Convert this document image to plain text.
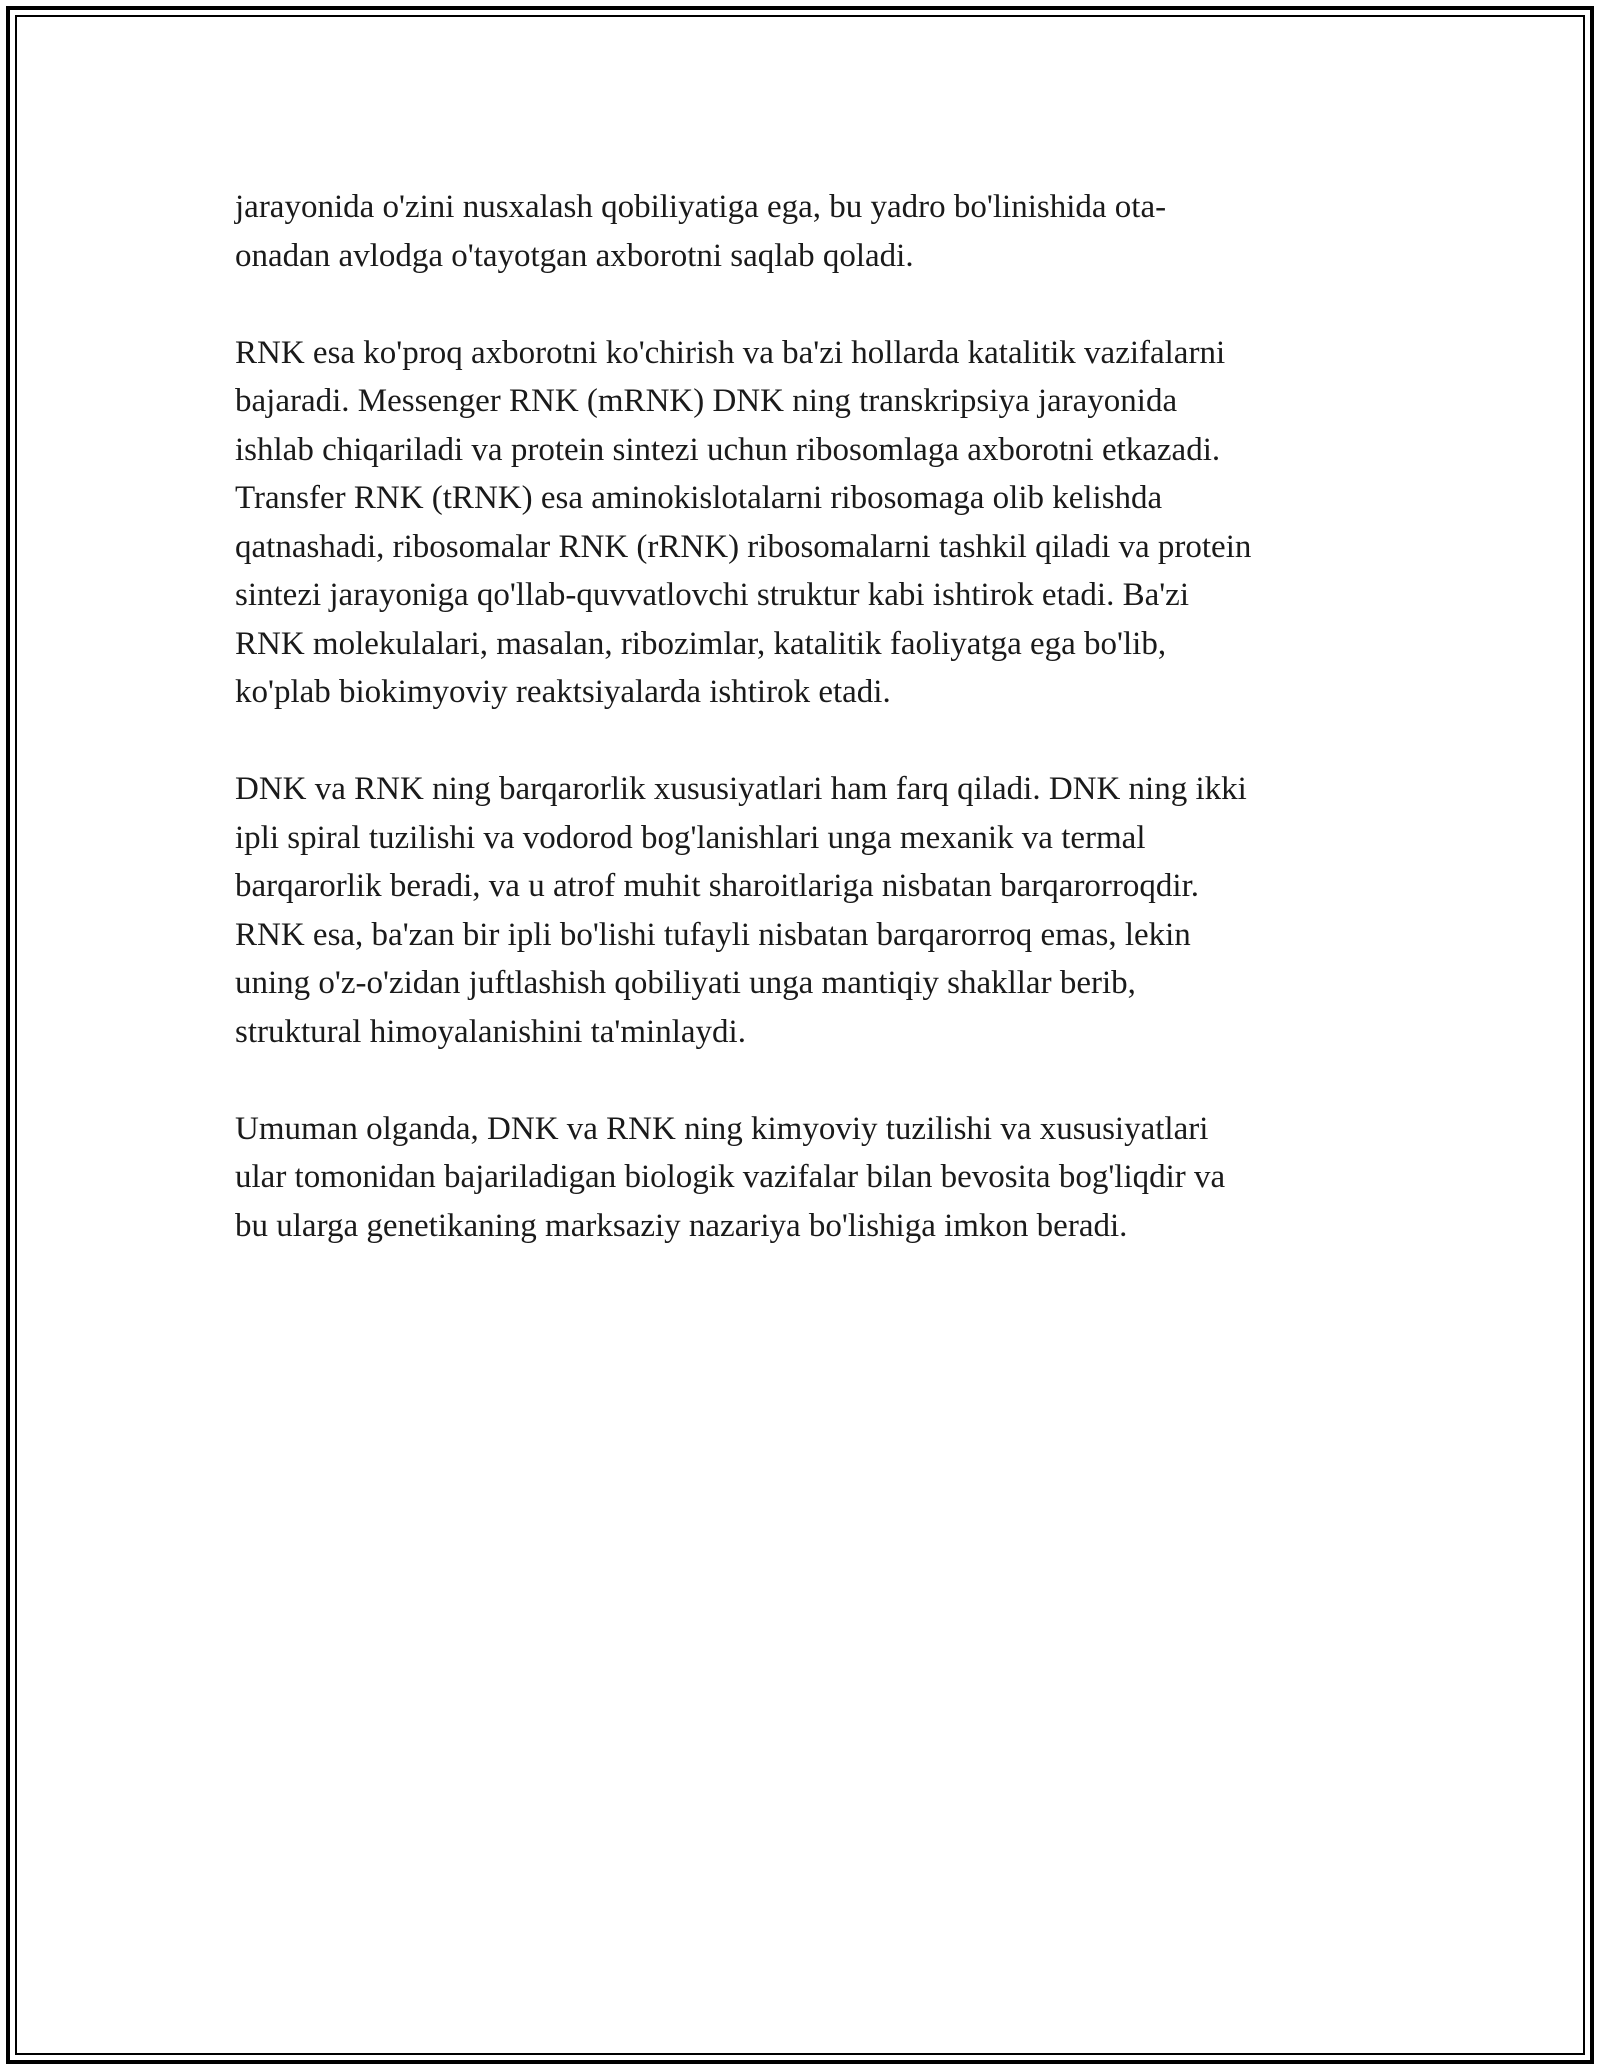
jarayonida o'zini nusxalash qobiliyatiga ega, bu yadro bo'linishida ota-
onadan avlodga o'tayotgan axborotni saqlab qoladi.

RNK esa ko'proq axborotni ko'chirish va ba'zi hollarda katalitik vazifalarni
bajaradi. Messenger RNK (mRNK) DNK ning transkripsiya jarayonida
ishlab chiqariladi va protein sintezi uchun ribosomlaga axborotni etkazadi.
Transfer RNK (tRNK) esa aminokislotalarni ribosomaga olib kelishda
qatnashadi, ribosomalar RNK (rRNK) ribosomalarni tashkil qiladi va protein
sintezi jarayoniga qo'llab-quvvatlovchi struktur kabi ishtirok etadi. Ba'zi
RNK molekulalari, masalan, ribozimlar, katalitik faoliyatga ega bo'lib,
ko'plab biokimyoviy reaktsiyalarda ishtirok etadi.

DNK va RNK ning barqarorlik xususiyatlari ham farq qiladi. DNK ning ikki
ipli spiral tuzilishi va vodorod bog'lanishlari unga mexanik va termal
barqarorlik beradi, va u atrof muhit sharoitlariga nisbatan barqarorroqdir.
RNK esa, ba'zan bir ipli bo'lishi tufayli nisbatan barqarorroq emas, lekin
uning o'z-o'zidan juftlashish qobiliyati unga mantiqiy shakllar berib,
struktural himoyalanishini ta'minlaydi.

Umuman olganda, DNK va RNK ning kimyoviy tuzilishi va xususiyatlari
ular tomonidan bajariladigan biologik vazifalar bilan bevosita bog'liqdir va
bu ularga genetikaning marksaziy nazariya bo'lishiga imkon beradi.
